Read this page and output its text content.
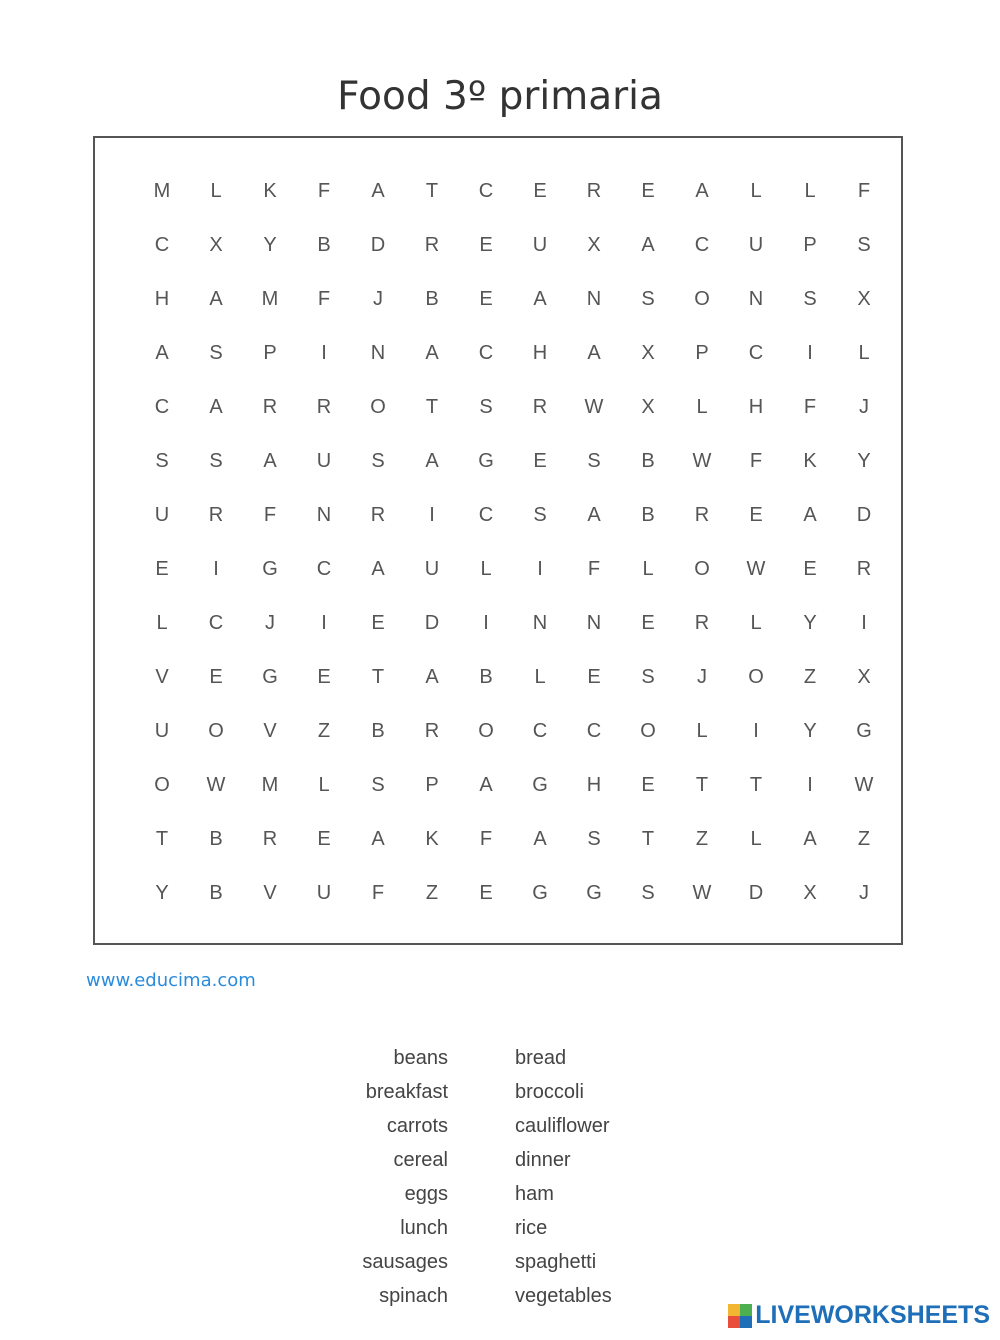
Food 3º primaria
M	L	K	F	A	T	C	E	R	E	A	L	L	F
C	X	Y	B	D	R	E	U	X	A	C	U	P	S
H	A	M	F	J	B	E	A	N	S	O	N	S	X
A	S	P	I	N	A	C	H	A	X	P	C	I	L
C	A	R	R	O	T	S	R	W	X	L	H	F	J
S	S	A	U	S	A	G	E	S	B	W	F	K	Y
U	R	F	N	R	I	C	S	A	B	R	E	A	D
E	I	G	C	A	U	L	I	F	L	O	W	E	R
L	C	J	I	E	D	I	N	N	E	R	L	Y	I
V	E	G	E	T	A	B	L	E	S	J	O	Z	X
U	O	V	Z	B	R	O	C	C	O	L	I	Y	G
O	W	M	L	S	P	A	G	H	E	T	T	I	W
T	B	R	E	A	K	F	A	S	T	Z	L	A	Z
Y	B	V	U	F	Z	E	G	G	S	W	D	X	J
www.educima.com
beans
breakfast
carrots
cereal
eggs
lunch
sausages
spinach
bread
broccoli
cauliflower
dinner
ham
rice
spaghetti
vegetables
LIVEWORKSHEETS
